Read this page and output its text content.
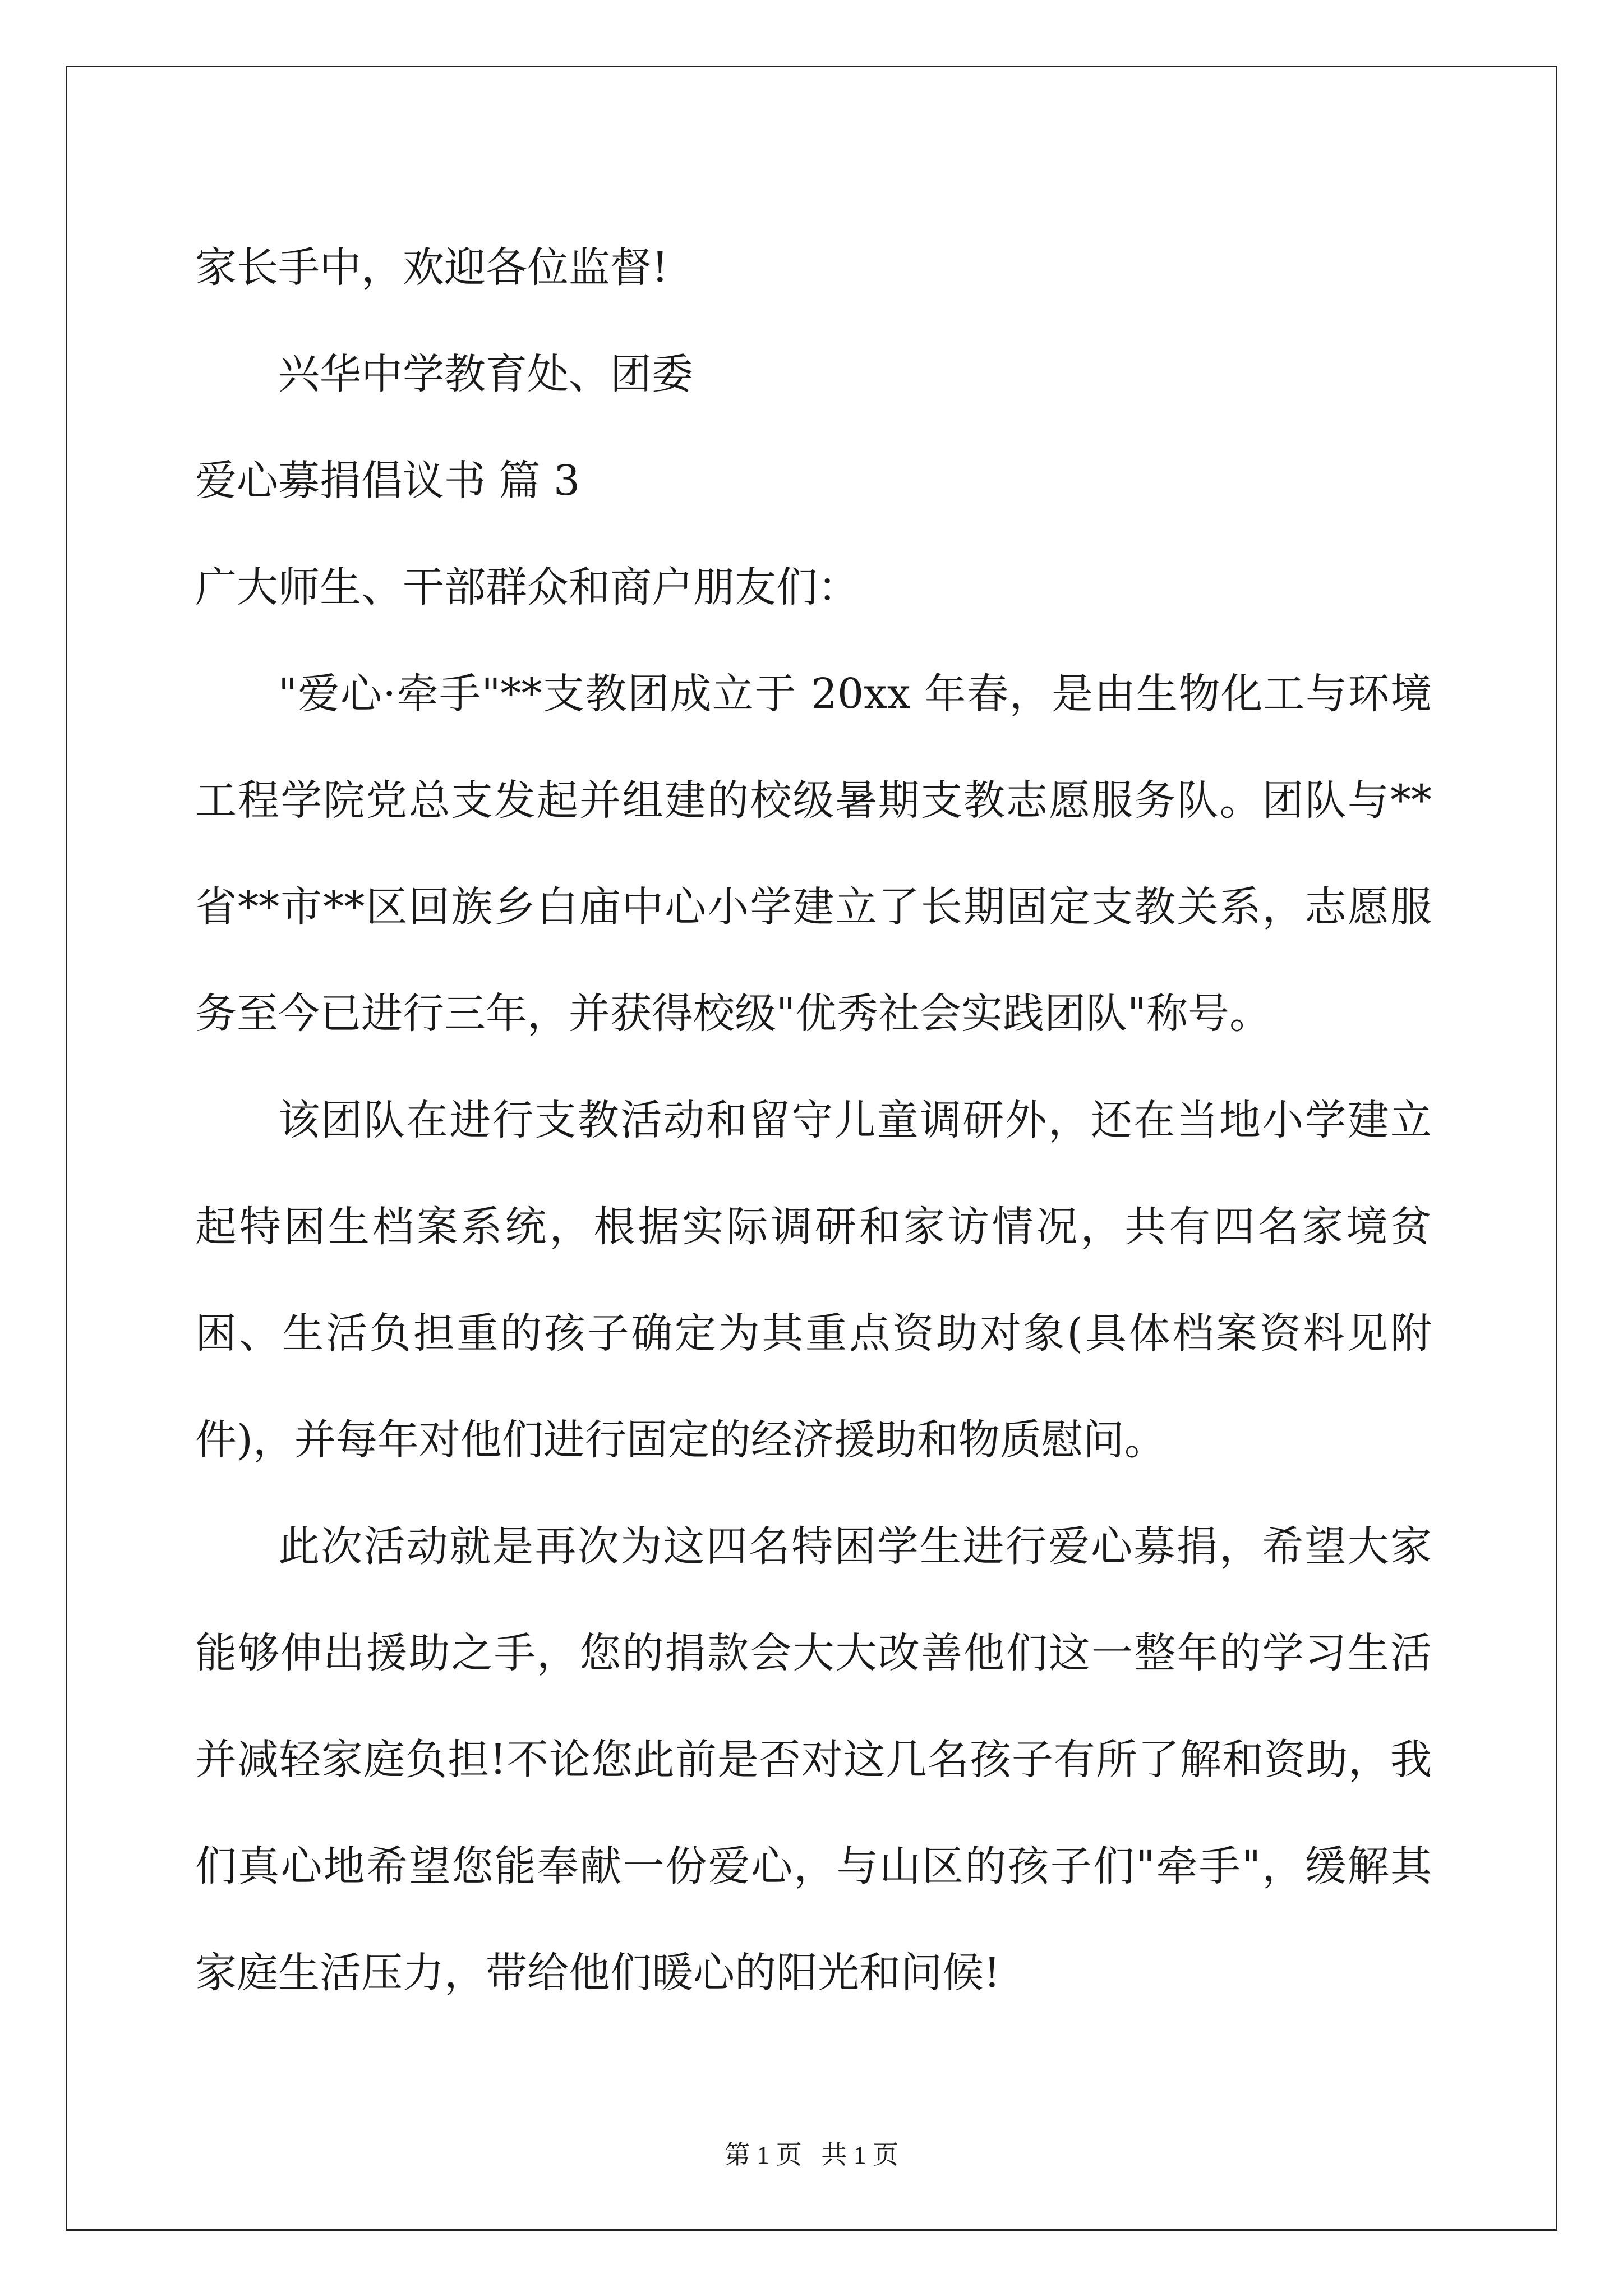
家长手中，欢迎各位监督!
兴华中学教育处、团委
爱心募捐倡议书 篇 3
广大师生、干部群众和商户朋友们：
"爱心·牵手"**支教团成立于 20xx 年春，是由生物化工与环境工程学院党总支发起并组建的校级暑期支教志愿服务队。团队与**省**市**区回族乡白庙中心小学建立了长期固定支教关系，志愿服务至今已进行三年，并获得校级"优秀社会实践团队"称号。
该团队在进行支教活动和留守儿童调研外，还在当地小学建立起特困生档案系统，根据实际调研和家访情况，共有四名家境贫困、生活负担重的孩子确定为其重点资助对象(具体档案资料见附件)，并每年对他们进行固定的经济援助和物质慰问。
此次活动就是再次为这四名特困学生进行爱心募捐，希望大家能够伸出援助之手，您的捐款会大大改善他们这一整年的学习生活并减轻家庭负担!不论您此前是否对这几名孩子有所了解和资助，我们真心地希望您能奉献一份爱心，与山区的孩子们"牵手"，缓解其家庭生活压力，带给他们暖心的阳光和问候!
第 1 页   共 1 页
